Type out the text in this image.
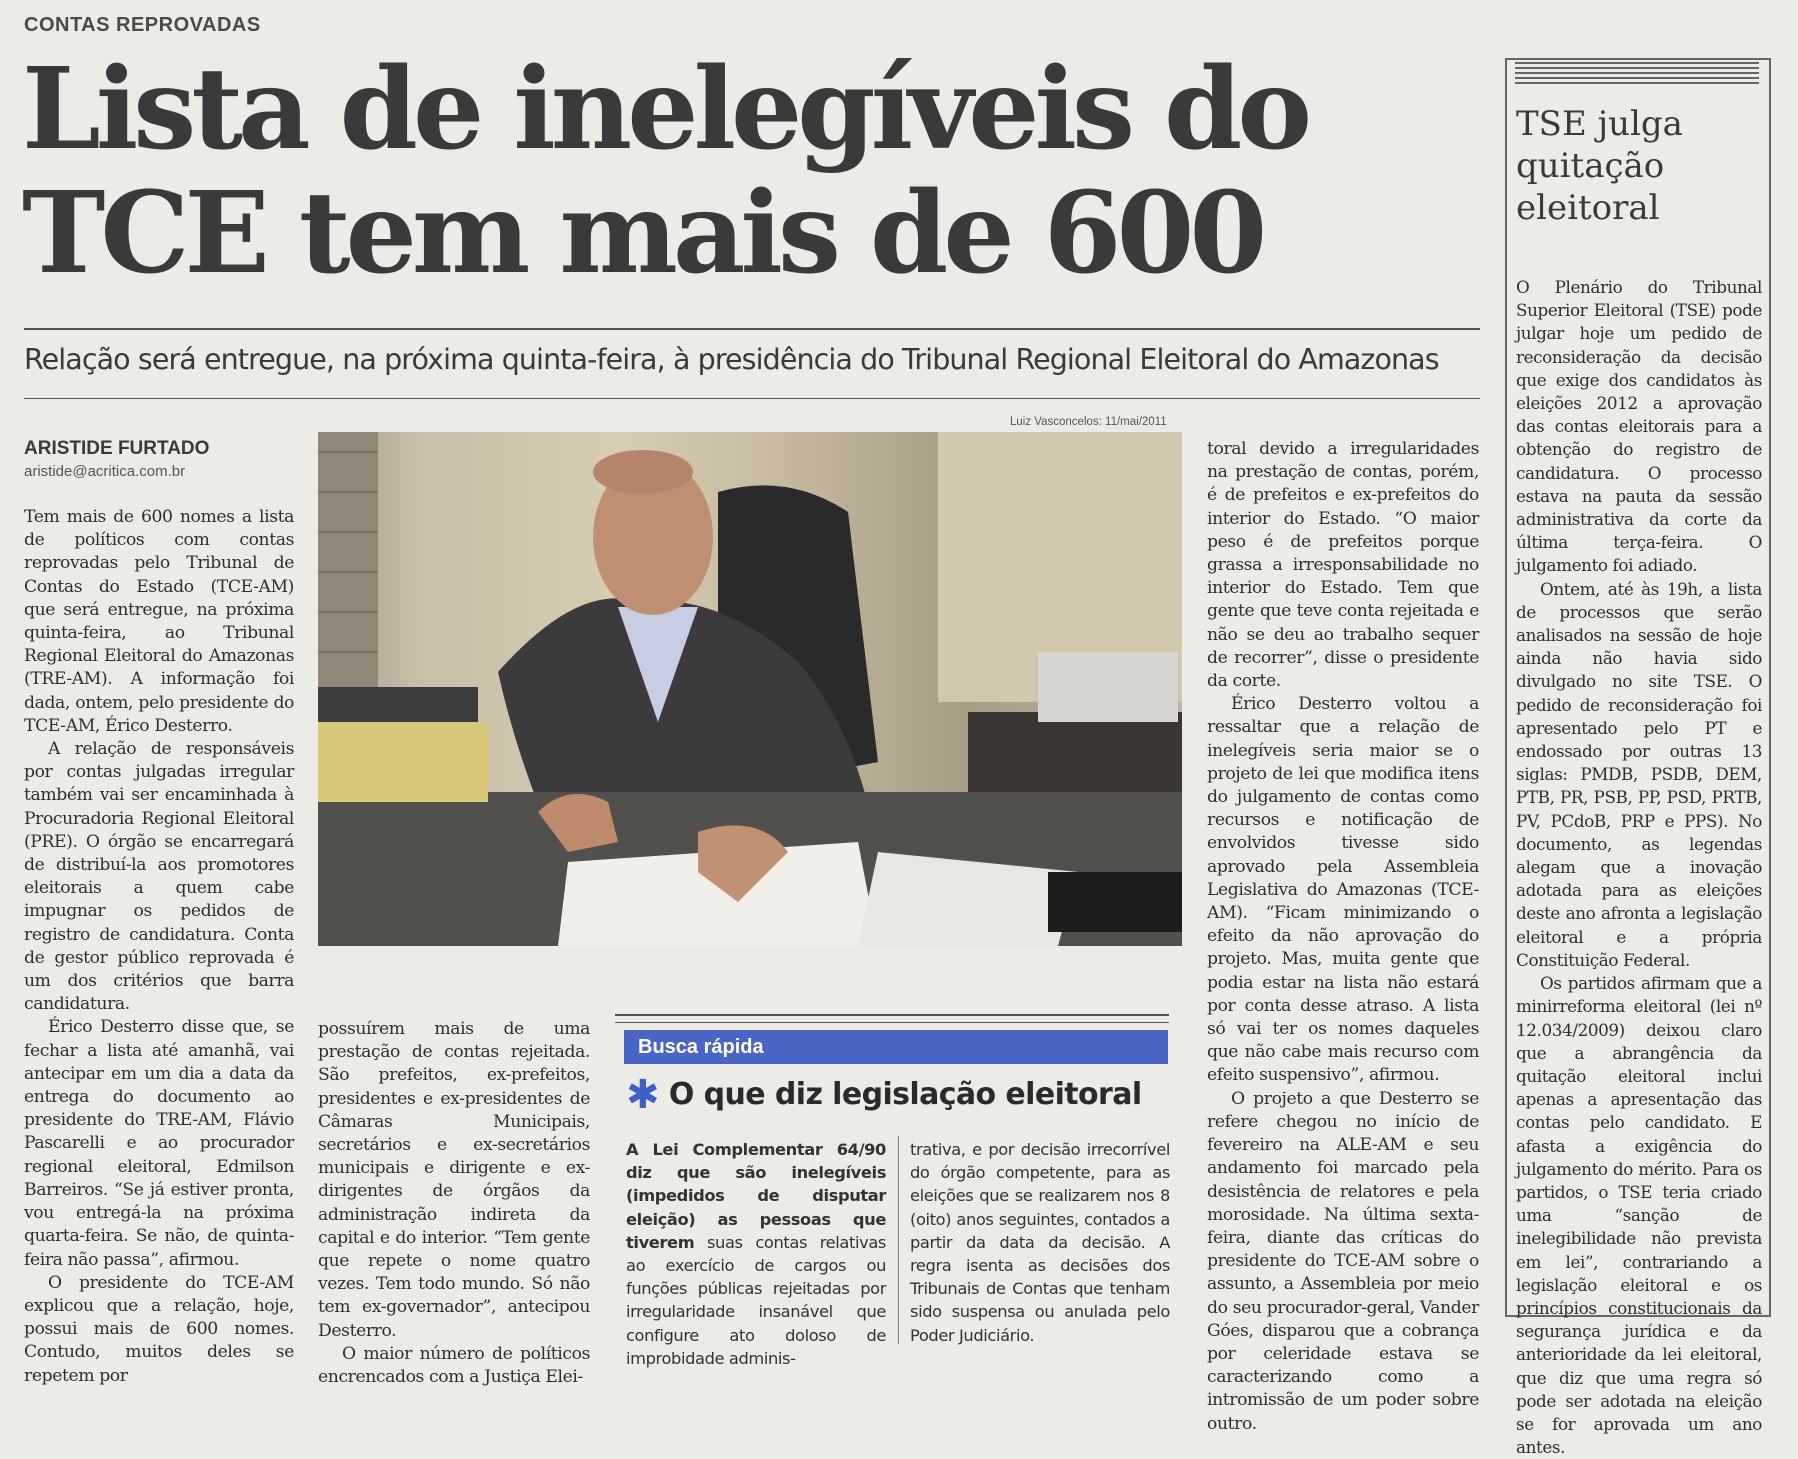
CONTAS REPROVADAS
Lista de inelegíveis do
TCE tem mais de 600
Relação será entregue, na próxima quinta-feira, à presidência do Tribunal Regional Eleitoral do Amazonas
ARISTIDE FURTADO
aristide@acritica.com.br

Tem mais de 600 nomes a lista de políticos com contas reprovadas pelo Tribunal de Contas do Estado (TCE-AM) que será entregue, na próxima quinta-feira, ao Tribunal Regional Eleitoral do Amazonas (TRE-AM). A informação foi dada, ontem, pelo presidente do TCE-AM, Érico Desterro.

A relação de responsáveis por contas julgadas irregular também vai ser encaminhada à Procuradoria Regional Eleitoral (PRE). O órgão se encarregará de distribuí-la aos promotores eleitorais a quem cabe impugnar os pedidos de registro de candidatura. Conta de gestor público reprovada é um dos critérios que barra candidatura.

Érico Desterro disse que, se fechar a lista até amanhã, vai antecipar em um dia a data da entrega do documento ao presidente do TRE-AM, Flávio Pascarelli e ao procurador regional eleitoral, Edmilson Barreiros. “Se já estiver pronta, vou entregá-la na próxima quarta-feira. Se não, de quinta-feira não passa”, afirmou.

O presidente do TCE-AM explicou que a relação, hoje, possui mais de 600 nomes. Contudo, muitos deles se repetem por

Luiz Vasconcelos: 11/mai/2011

possuírem mais de uma prestação de contas rejeitada. São prefeitos, ex-prefeitos, presidentes e ex-presidentes de Câmaras Municipais, secretários e ex-secretários municipais e dirigente e ex-dirigentes de órgãos da administração indireta da capital e do interior. “Tem gente que repete o nome quatro vezes. Tem todo mundo. Só não tem ex-governador”, antecipou Desterro.

O maior número de políticos encrencados com a Justiça Elei-

Busca rápida
✱ O que diz legislação eleitoral
A Lei Complementar 64/90 diz que são inelegíveis (impedidos de disputar eleição) as pessoas que tiverem suas contas relativas ao exercício de cargos ou funções públicas rejeitadas por irregularidade insanável que configure ato doloso de improbidade adminis-
trativa, e por decisão irrecorrível do órgão competente, para as eleições que se realizarem nos 8 (oito) anos seguintes, contados a partir da data da decisão. A regra isenta as decisões dos Tribunais de Contas que tenham sido suspensa ou anulada pelo Poder Judiciário.

toral devido a irregularidades na prestação de contas, porém, é de prefeitos e ex-prefeitos do interior do Estado. “O maior peso é de prefeitos porque grassa a irresponsabilidade no interior do Estado. Tem que gente que teve conta rejeitada e não se deu ao trabalho sequer de recorrer”, disse o presidente da corte.

Érico Desterro voltou a ressaltar que a relação de inelegíveis seria maior se o projeto de lei que modifica itens do julgamento de contas como recursos e notificação de envolvidos tivesse sido aprovado pela Assembleia Legislativa do Amazonas (TCE-AM). “Ficam minimizando o efeito da não aprovação do projeto. Mas, muita gente que podia estar na lista não estará por conta desse atraso. A lista só vai ter os nomes daqueles que não cabe mais recurso com efeito suspensivo”, afirmou.

O projeto a que Desterro se refere chegou no início de fevereiro na ALE-AM e seu andamento foi marcado pela desistência de relatores e pela morosidade. Na última sexta-feira, diante das críticas do presidente do TCE-AM sobre o assunto, a Assembleia por meio do seu procurador-geral, Vander Góes, disparou que a cobrança por celeridade estava se caracterizando como a intromissão de um poder sobre outro.

TSE julga quitação eleitoral

O Plenário do Tribunal Superior Eleitoral (TSE) pode julgar hoje um pedido de reconsideração da decisão que exige dos candidatos às eleições 2012 a aprovação das contas eleitorais para a obtenção do registro de candidatura. O processo estava na pauta da sessão administrativa da corte da última terça-feira. O julgamento foi adiado.

Ontem, até às 19h, a lista de processos que serão analisados na sessão de hoje ainda não havia sido divulgado no site TSE. O pedido de reconsideração foi apresentado pelo PT e endossado por outras 13 siglas: PMDB, PSDB, DEM, PTB, PR, PSB, PP, PSD, PRTB, PV, PCdoB, PRP e PPS). No documento, as legendas alegam que a inovação adotada para as eleições deste ano afronta a legislação eleitoral e a própria Constituição Federal.

Os partidos afirmam que a minirreforma eleitoral (lei nº 12.034/2009) deixou claro que a abrangência da quitação eleitoral inclui apenas a apresentação das contas pelo candidato. E afasta a exigência do julgamento do mérito. Para os partidos, o TSE teria criado uma “sanção de inelegibilidade não prevista em lei”, contrariando a legislação eleitoral e os princípios constitucionais da segurança jurídica e da anterioridade da lei eleitoral, que diz que uma regra só pode ser adotada na eleição se for aprovada um ano antes.
